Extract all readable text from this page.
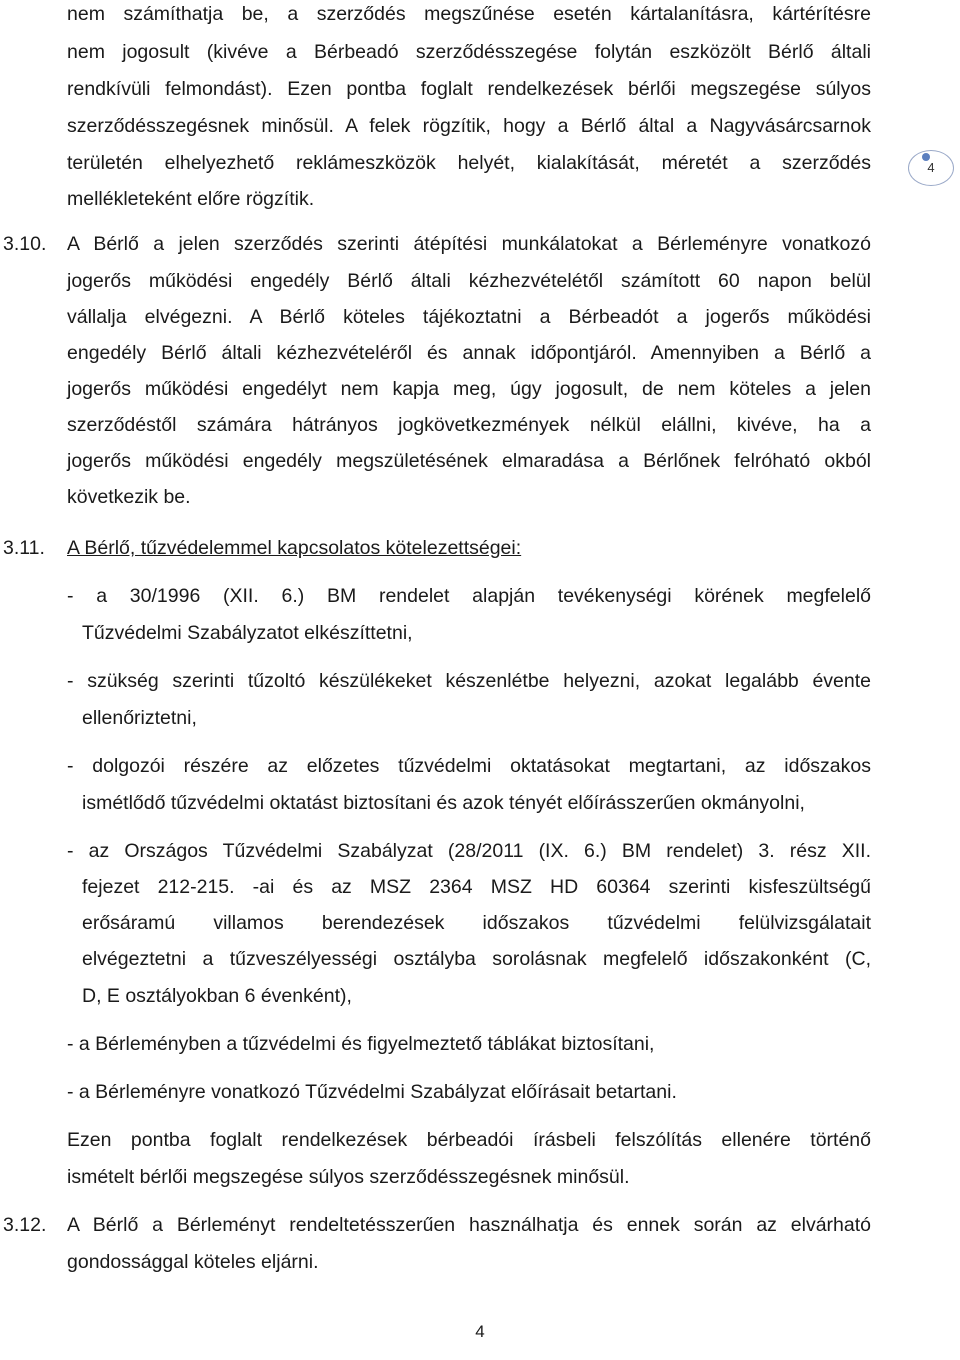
nem számíthatja be, a szerződés megszűnése esetén kártalanításra, kártérítésre
nem jogosult (kivéve a Bérbeadó szerződésszegése folytán eszközölt Bérlő általi
rendkívüli felmondást). Ezen pontba foglalt rendelkezések bérlői megszegése súlyos
szerződésszegésnek minősül. A felek rögzítik, hogy a Bérlő által a Nagyvásárcsarnok
területén elhelyezhető reklámeszközök helyét, kialakítását, méretét a szerződés
mellékleteként előre rögzítik.
4
3.10. A Bérlő a jelen szerződés szerinti átépítési munkálatokat a Bérleményre vonatkozó
jogerős működési engedély Bérlő általi kézhezvételétől számított 60 napon belül
vállalja elvégezni. A Bérlő köteles tájékoztatni a Bérbeadót a jogerős működési
engedély Bérlő általi kézhezvételéről és annak időpontjáról. Amennyiben a Bérlő a
jogerős működési engedélyt nem kapja meg, úgy jogosult, de nem köteles a jelen
szerződéstől számára hátrányos jogkövetkezmények nélkül elállni, kivéve, ha a
jogerős működési engedély megszületésének elmaradása a Bérlőnek felróható okból
következik be.
3.11. A Bérlő, tűzvédelemmel kapcsolatos kötelezettségei:
- a 30/1996 (XII. 6.) BM rendelet alapján tevékenységi körének megfelelő
Tűzvédelmi Szabályzatot elkészíttetni,
- szükség szerinti tűzoltó készülékeket készenlétbe helyezni, azokat legalább évente
ellenőriztetni,
- dolgozói részére az előzetes tűzvédelmi oktatásokat megtartani, az időszakos
ismétlődő tűzvédelmi oktatást biztosítani és azok tényét előírásszerűen okmányolni,
- az Országos Tűzvédelmi Szabályzat (28/2011 (IX. 6.) BM rendelet) 3. rész XII.
fejezet 212-215. -ai és az MSZ 2364 MSZ HD 60364 szerinti kisfeszültségű
erősáramú villamos berendezések időszakos tűzvédelmi felülvizsgálatait
elvégeztetni a tűzveszélyességi osztályba sorolásnak megfelelő időszakonként (C,
D, E osztályokban 6 évenként),
- a Bérleményben a tűzvédelmi és figyelmeztető táblákat biztosítani,
- a Bérleményre vonatkozó Tűzvédelmi Szabályzat előírásait betartani.
Ezen pontba foglalt rendelkezések bérbeadói írásbeli felszólítás ellenére történő
ismételt bérlői megszegése súlyos szerződésszegésnek minősül.
3.12. A Bérlő a Bérleményt rendeltetésszerűen használhatja és ennek során az elvárható
gondossággal köteles eljárni.
4
